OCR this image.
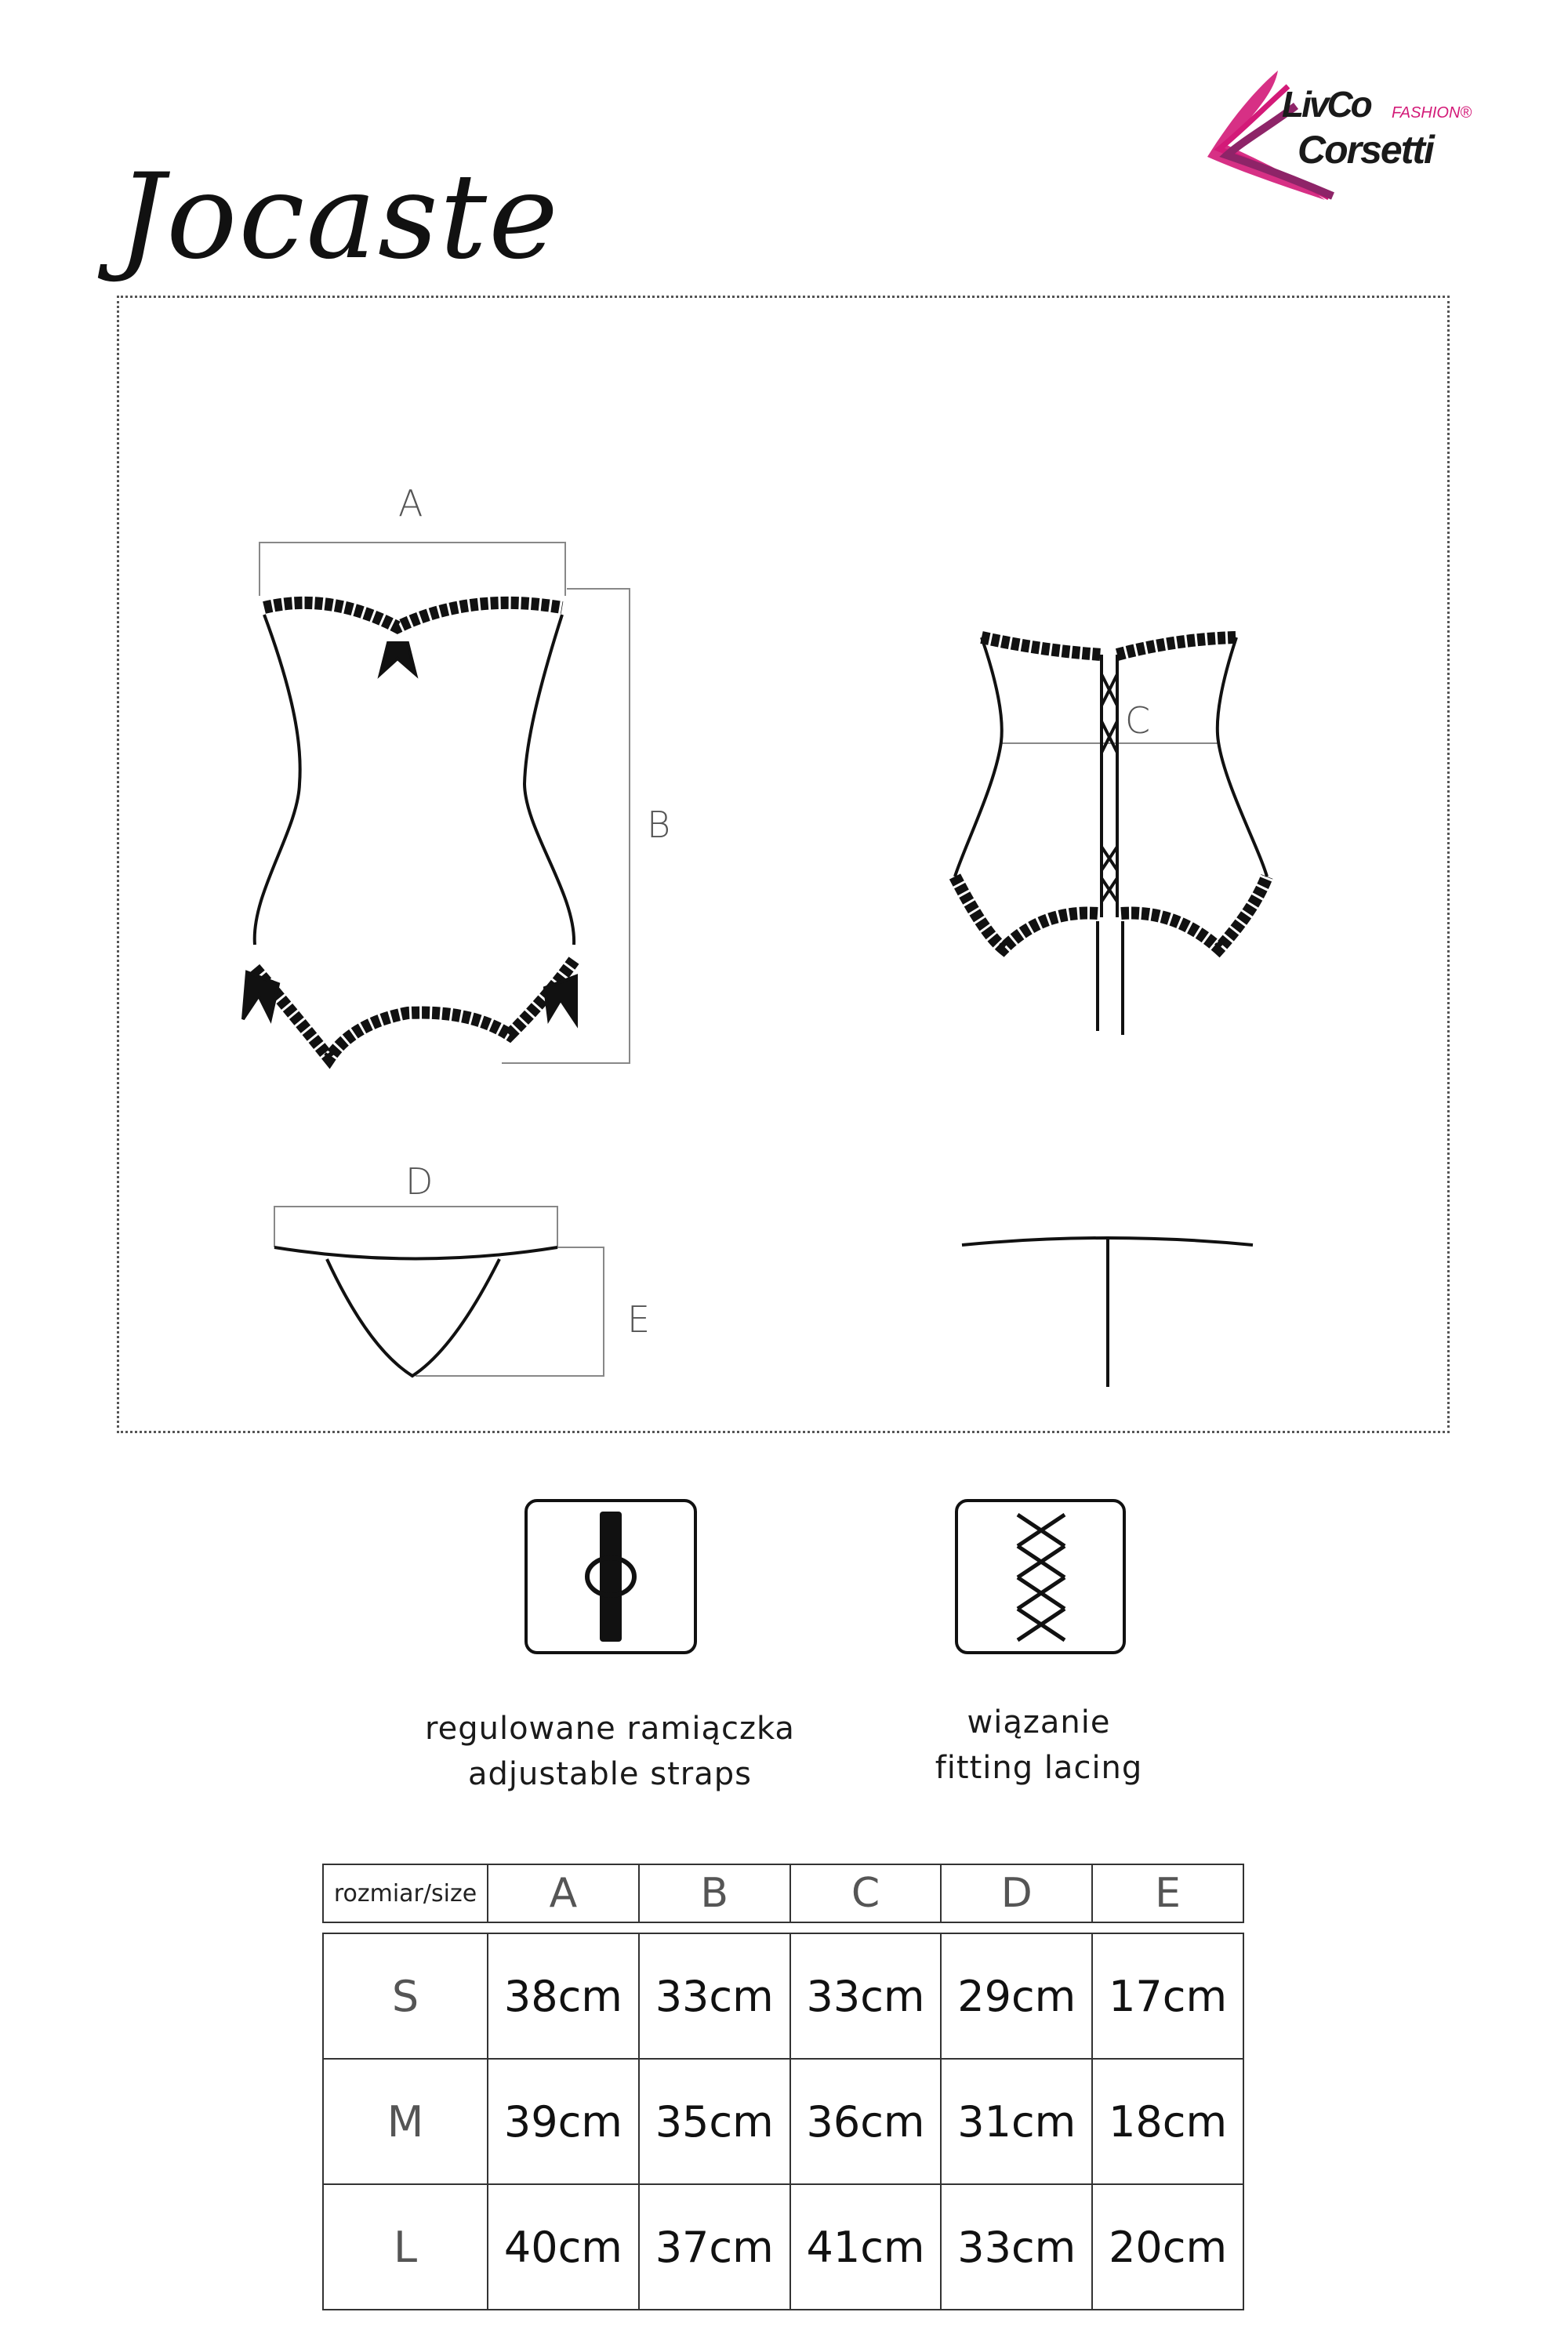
Jocaste
LivCo FASHION®
Corsetti
A
B
C
D
E
regulowane ramiączka
adjustable straps
wiązanie
fitting lacing
rozmiar/size	A	B	C	D	E
S	38cm	33cm	33cm	29cm	17cm
M	39cm	35cm	36cm	31cm	18cm
L	40cm	37cm	41cm	33cm	20cm
